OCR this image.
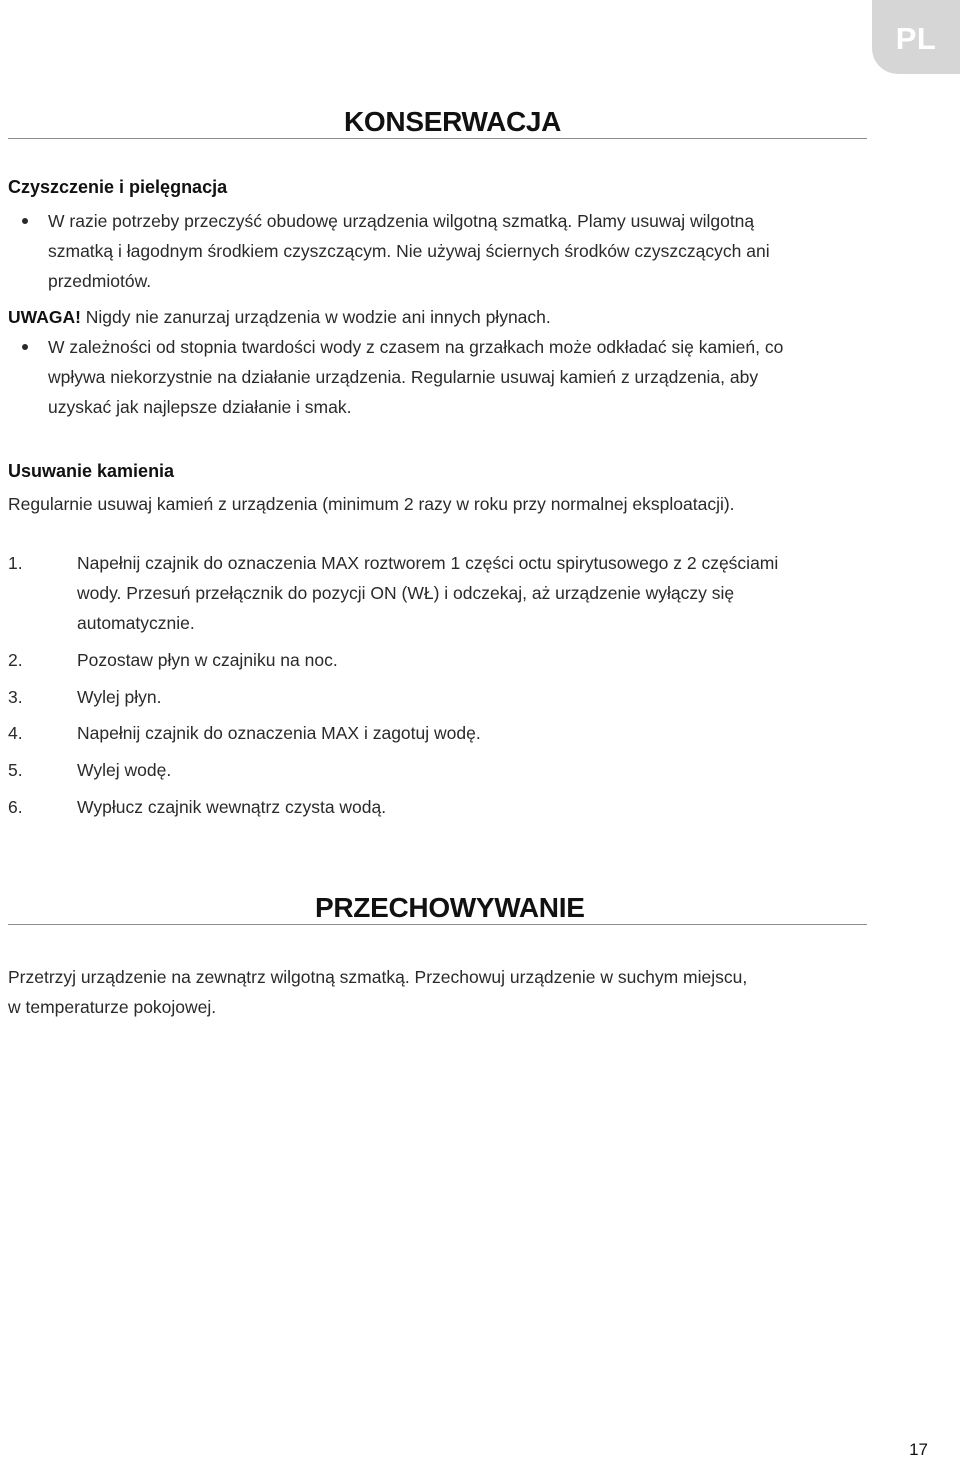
PL
KONSERWACJA
Czyszczenie i pielęgnacja
W razie potrzeby przeczyść obudowę urządzenia wilgotną szmatką. Plamy usuwaj wilgotną
szmatką i łagodnym środkiem czyszczącym. Nie używaj ściernych środków czyszczących ani
przedmiotów.
UWAGA! Nigdy nie zanurzaj urządzenia w wodzie ani innych płynach.
W zależności od stopnia twardości wody z czasem na grzałkach może odkładać się kamień, co
wpływa niekorzystnie na działanie urządzenia. Regularnie usuwaj kamień z urządzenia, aby
uzyskać jak najlepsze działanie i smak.
Usuwanie kamienia
Regularnie usuwaj kamień z urządzenia (minimum 2 razy w roku przy normalnej eksploatacji).
1.	Napełnij czajnik do oznaczenia MAX roztworem 1 części octu spirytusowego z 2 częściami
wody. Przesuń przełącznik do pozycji ON (WŁ) i odczekaj, aż urządzenie wyłączy się
automatycznie.
2.	Pozostaw płyn w czajniku na noc.
3.	Wylej płyn.
4.	Napełnij czajnik do oznaczenia MAX i zagotuj wodę.
5.	Wylej wodę.
6.	Wypłucz czajnik wewnątrz czysta wodą.
PRZECHOWYWANIE
Przetrzyj urządzenie na zewnątrz wilgotną szmatką. Przechowuj urządzenie w suchym miejscu,
w temperaturze pokojowej.
17
